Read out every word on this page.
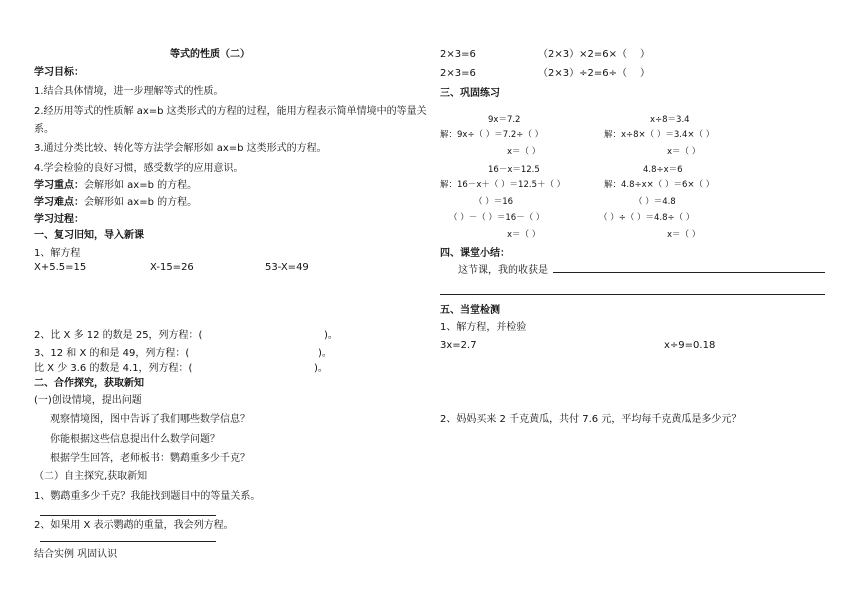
等式的性质（二）
学习目标：
1.结合具体情境，进一步理解等式的性质。
2.经历用等式的性质解 ax=b 这类形式的方程的过程，能用方程表示简单情境中的等量关
系。
3.通过分类比较、转化等方法学会解形如 ax=b 这类形式的方程。
4.学会检验的良好习惯，感受数学的应用意识。
学习重点：会解形如 ax=b 的方程。
学习难点：会解形如 ax=b 的方程。
学习过程：
一、复习旧知，导入新课
1、解方程
X+5.5=15	X-15=26	53-X=49
2、比 X 多 12 的数是 25，列方程：(	)。
3、12 和 X 的和是 49，列方程：(	)。
比 X 少 3.6 的数是 4.1，列方程：(	)。
二、合作探究，获取新知
(一)创设情境，提出问题
观察情境图，图中告诉了我们哪些数学信息？
你能根据这些信息提出什么数学问题？
根据学生回答，老师板书：鹦鹉重多少千克？
（二）自主探究,获取新知
1、鹦鹉重多少千克？我能找到题目中的等量关系。
2、如果用 X 表示鹦鹉的重量，我会列方程。
结合实例 巩固认识
2×3=6	（2×3）×2=6×（ ）
2×3=6	（2×3）÷2=6÷（ ）
三、巩固练习
9x＝7.2
解：9x÷（ ）＝7.2÷（ ）
x＝（ ）
x÷8＝3.4
解：x÷8×（ ）＝3.4×（ ）
x＝（ ）
16－x＝12.5
解：16－x＋（ ）＝12.5＋（ ）
（ ）＝16
（ ）－（ ）＝16－（ ）
x＝（ ）
4.8÷x＝6
解：4.8÷x×（ ）＝6×（ ）
（ ）＝4.8
（ ）÷（ ）＝4.8÷（ ）
x＝（ ）
四、课堂小结：
这节课，我的收获是
五、当堂检测
1、解方程，并检验
3x=2.7	x÷9=0.18
2、妈妈买来 2 千克黄瓜，共付 7.6 元，平均每千克黄瓜是多少元？
